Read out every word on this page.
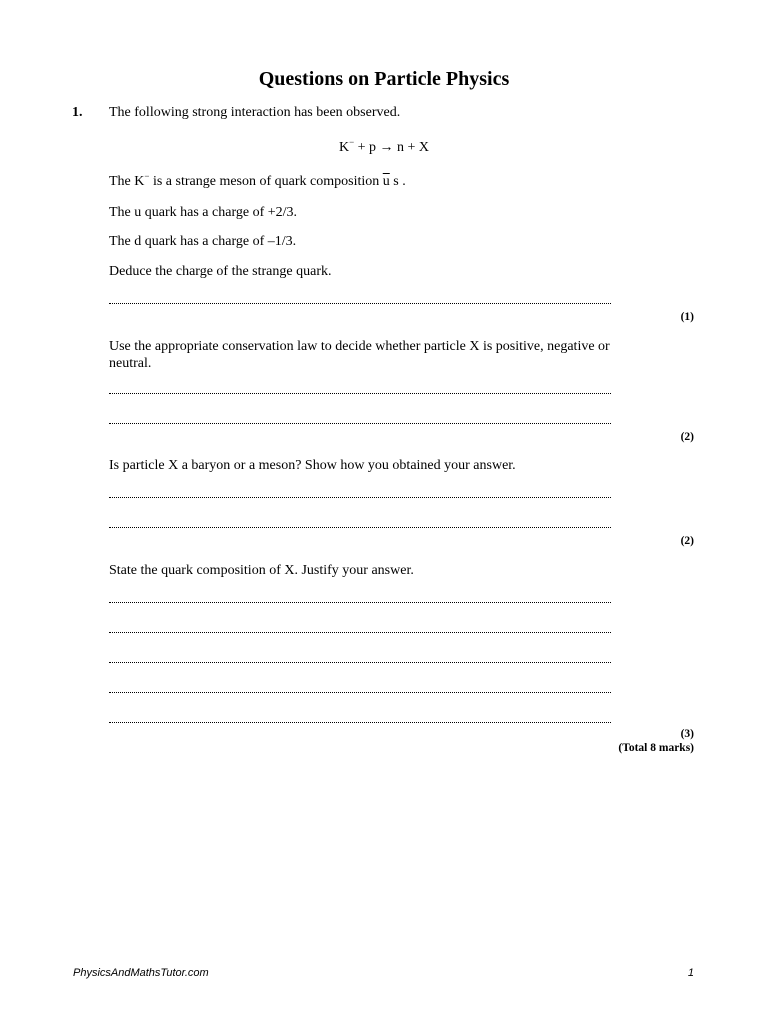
Questions on Particle Physics
1. The following strong interaction has been observed.
K− + p → n + X
The K− is a strange meson of quark composition $\overline{u}$ s .
The u quark has a charge of +2/3.
The d quark has a charge of –1/3.
Deduce the charge of the strange quark.
(1)
Use the appropriate conservation law to decide whether particle X is positive, negative or neutral.
(2)
Is particle X a baryon or a meson? Show how you obtained your answer.
(2)
State the quark composition of X. Justify your answer.
(3)
(Total 8 marks)
PhysicsAndMathsTutor.com	1
